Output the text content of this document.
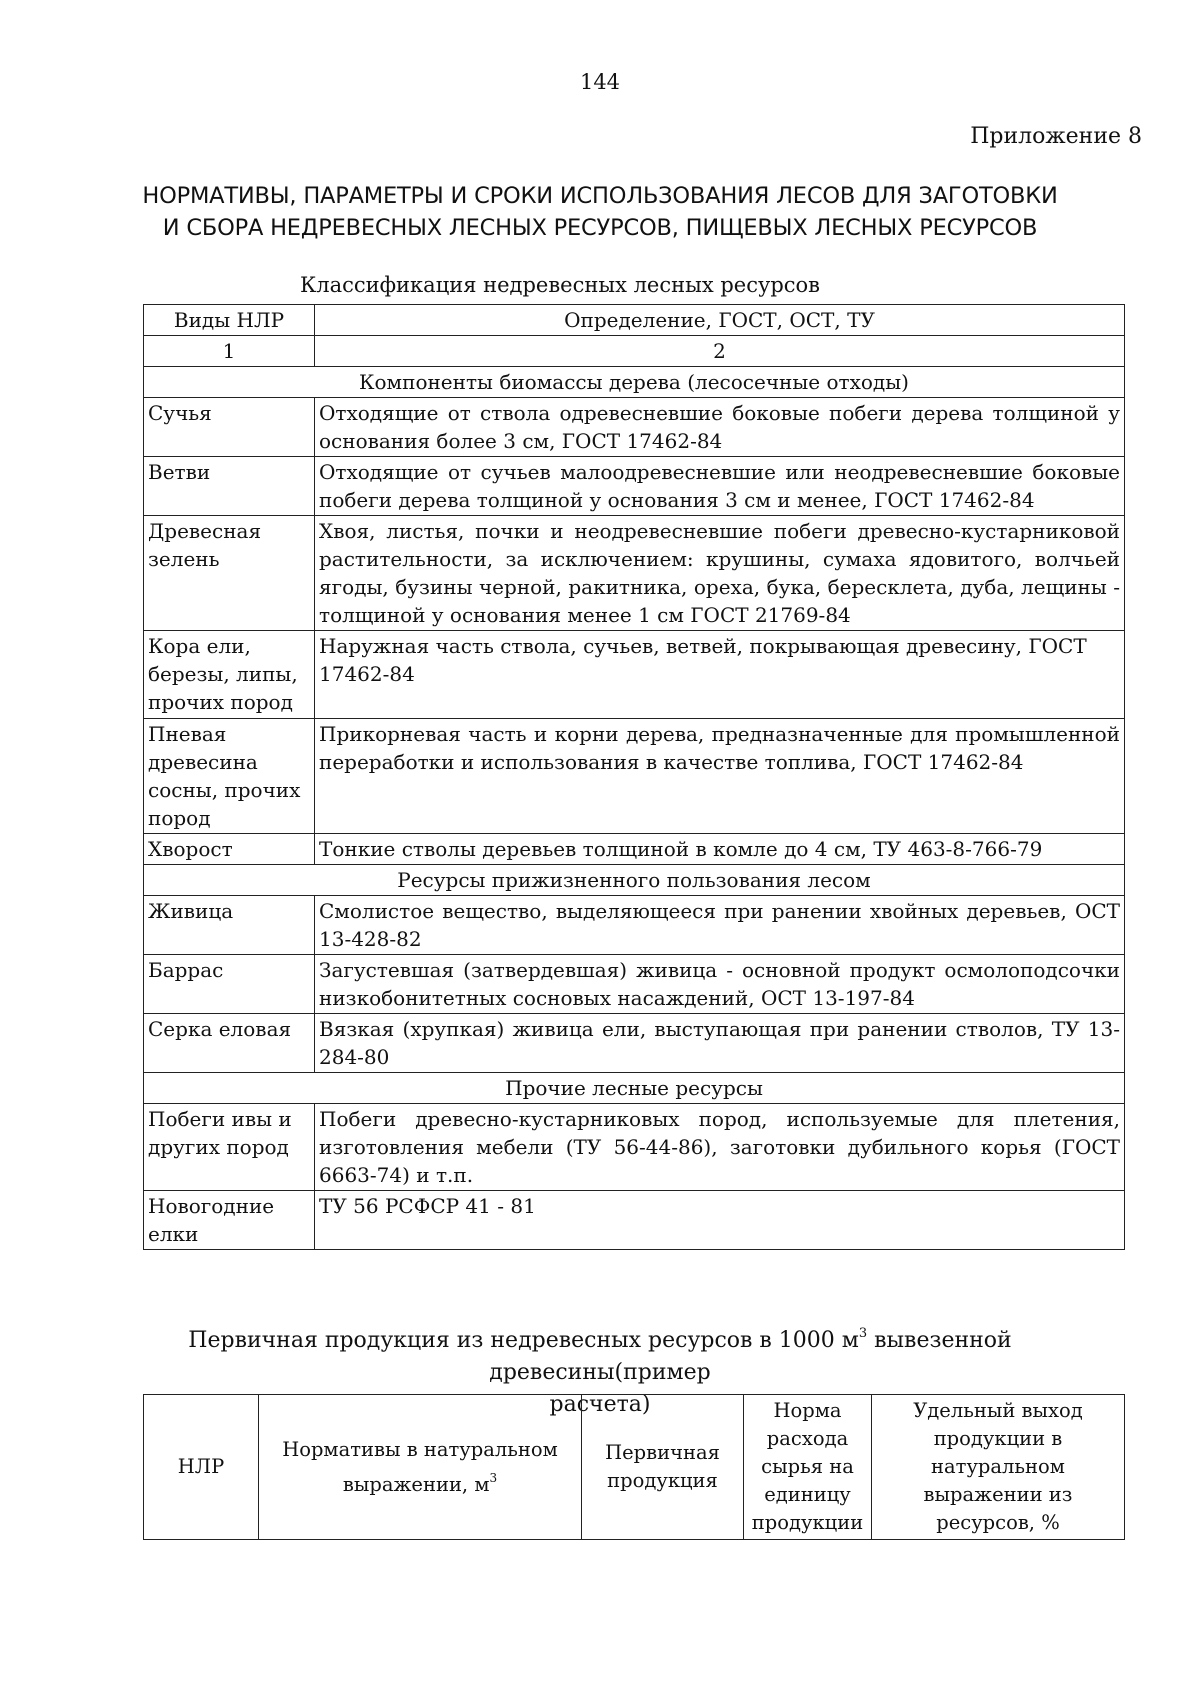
144
Приложение 8
НОРМАТИВЫ, ПАРАМЕТРЫ И СРОКИ ИСПОЛЬЗОВАНИЯ ЛЕСОВ ДЛЯ ЗАГОТОВКИ
И СБОРА НЕДРЕВЕСНЫХ ЛЕСНЫХ РЕСУРСОВ, ПИЩЕВЫХ ЛЕСНЫХ РЕСУРСОВ
Классификация недревесных лесных ресурсов
Виды НЛР	Определение, ГОСТ, ОСТ, ТУ
1	2
Компоненты биомассы дерева (лесосечные отходы)	
Сучья	Отходящие от ствола одревесневшие боковые побеги дерева толщиной у основания более 3 см, ГОСТ 17462-84
Ветви	Отходящие от сучьев малоодревесневшие или неодревесневшие боковые побеги дерева толщиной у основания 3 см и менее, ГОСТ 17462-84
Древесная зелень	Хвоя, листья, почки и неодревесневшие побеги древесно-кустарниковой растительности, за исключением: крушины, сумаха ядовитого, волчьей ягоды, бузины черной, ракитника, ореха, бука, бересклета, дуба, лещины - толщиной у основания менее 1 см ГОСТ 21769-84
Кора ели, березы, липы, прочих пород	Наружная часть ствола, сучьев, ветвей, покрывающая древесину, ГОСТ 17462-84
Пневая древесина сосны, прочих пород	Прикорневая часть и корни дерева, предназначенные для промышленной переработки и использования в качестве топлива, ГОСТ 17462-84
Хворост	Тонкие стволы деревьев толщиной в комле до 4 см, ТУ 463-8-766-79
Ресурсы прижизненного пользования лесом	
Живица	Смолистое вещество, выделяющееся при ранении хвойных деревьев, ОСТ 13-428-82
Баррас	Загустевшая (затвердевшая) живица - основной продукт осмолоподсочки низкобонитетных сосновых насаждений, ОСТ 13-197-84
Серка еловая	Вязкая (хрупкая) живица ели, выступающая при ранении стволов, ТУ 13-284-80
Прочие лесные ресурсы	
Побеги ивы и других пород	Побеги древесно-кустарниковых пород, используемые для плетения, изготовления мебели (ТУ 56-44-86), заготовки дубильного корья (ГОСТ 6663-74) и т.п.
Новогодние елки	ТУ 56 РСФСР 41 - 81
Первичная продукция из недревесных ресурсов в 1000 $м^3$ вывезенной древесины(пример
расчета)
НЛР	Нормативы в натуральном выражении, $м^3$	Первичная продукция	Норма расхода сырья на единицу продукции	Удельный выход продукции в натуральном выражении из ресурсов, %
